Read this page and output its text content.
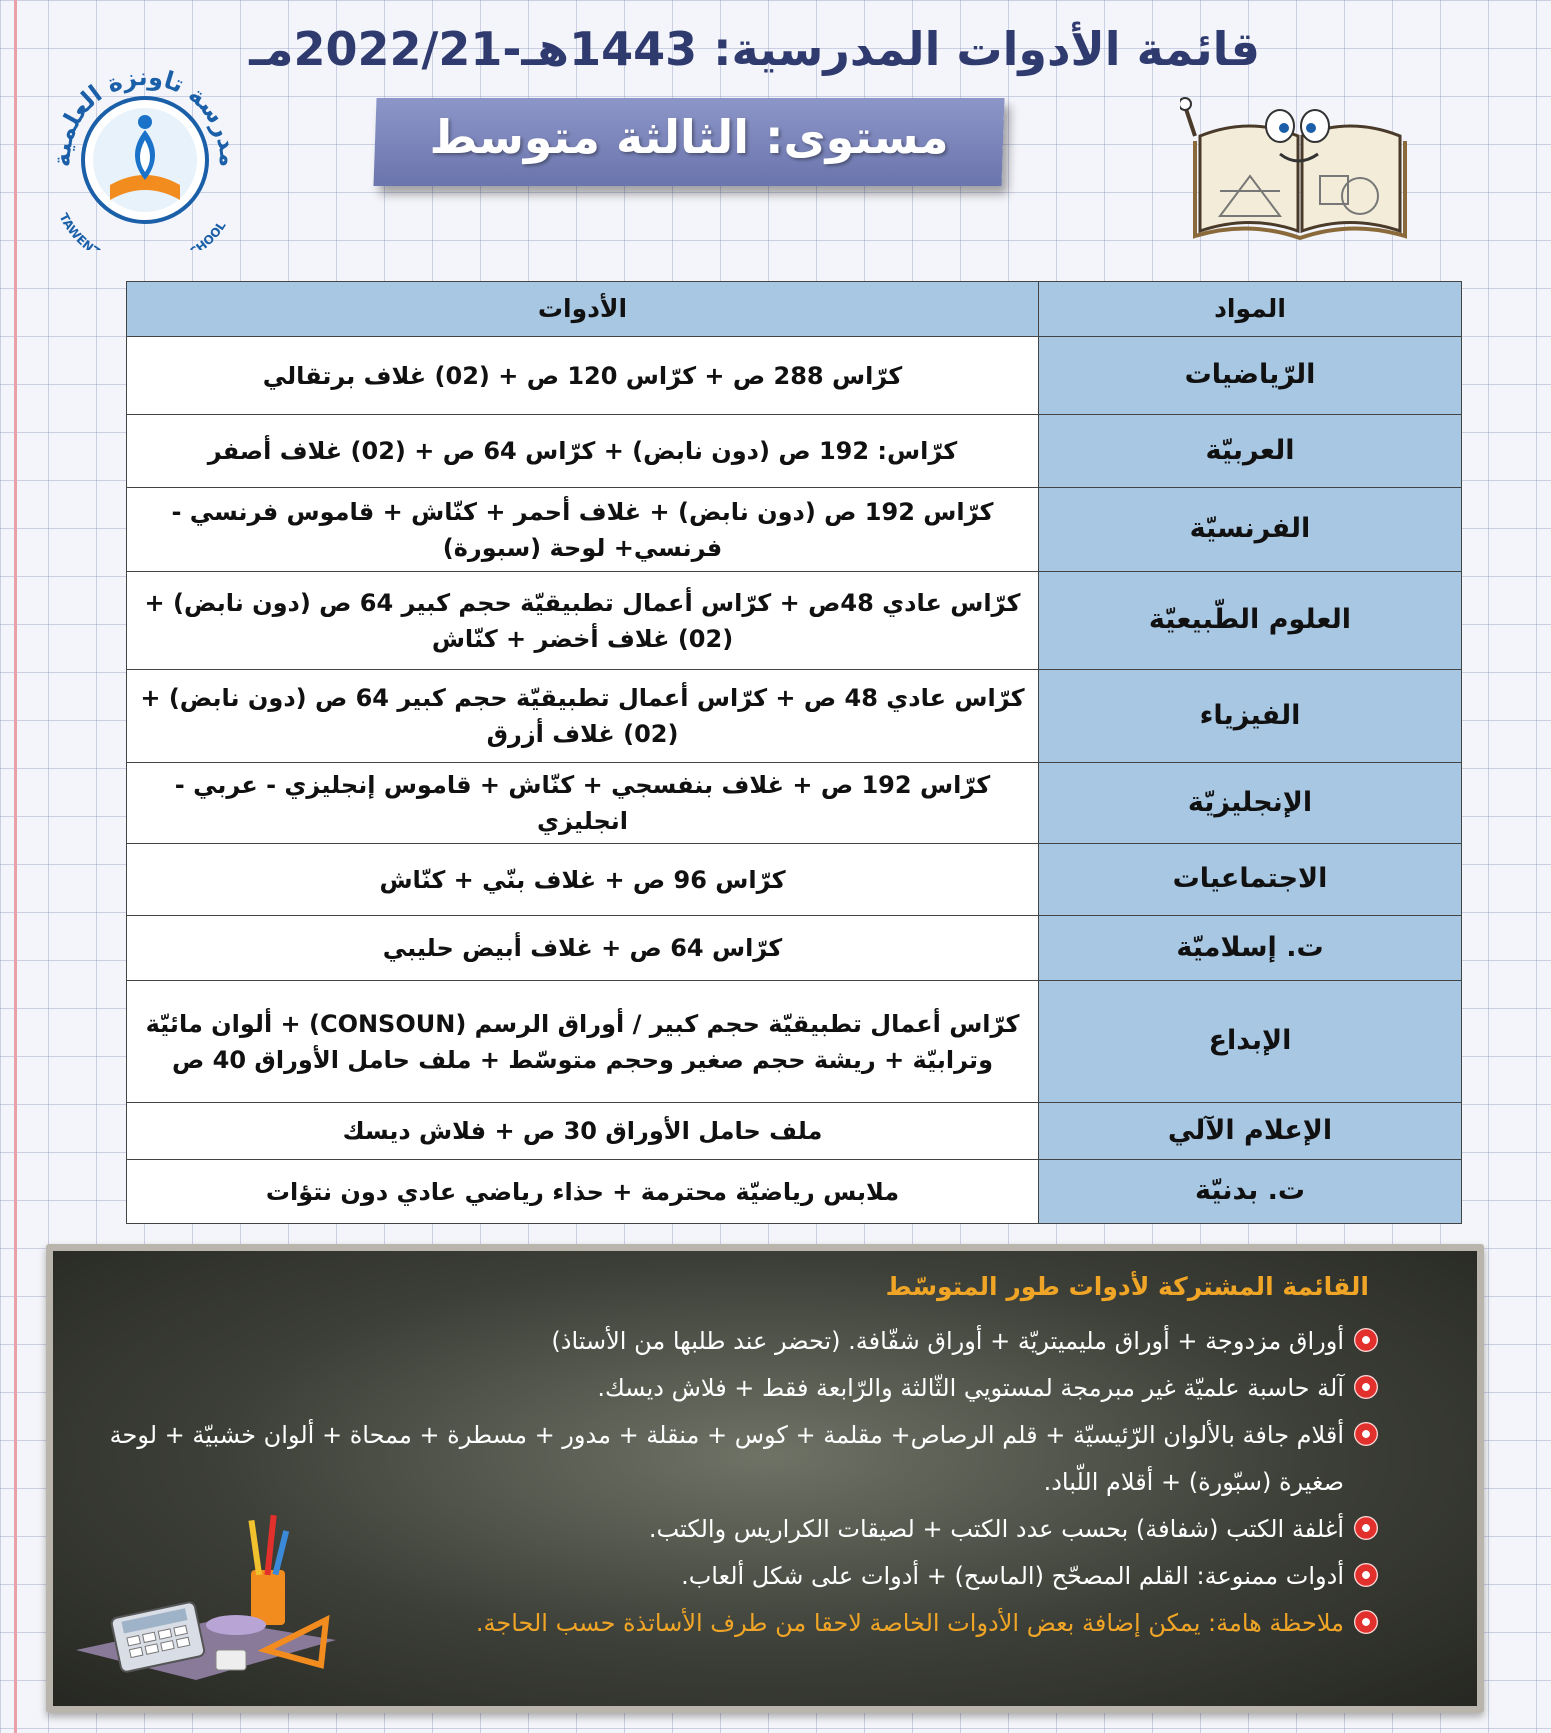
مدرسة تاونزة العلمية
TAWEN HOOL
قائمة الأدوات المدرسية: 1443هـ-2022/21مـ
مستوى: الثالثة متوسط
المواد	الأدوات
الرّياضيات	كرّاس 288 ص + كرّاس 120 ص + (02) غلاف برتقالي
العربيّة	كرّاس: 192 ص (دون نابض) + كرّاس 64 ص + (02) غلاف أصفر
الفرنسيّة	كرّاس 192 ص (دون نابض) + غلاف أحمر + كنّاش + قاموس فرنسي - فرنسي+ لوحة (سبورة)
العلوم الطّبيعيّة	كرّاس عادي 48ص + كرّاس أعمال تطبيقيّة حجم كبير 64 ص (دون نابض) + (02) غلاف أخضر + كنّاش
الفيزياء	كرّاس عادي 48 ص + كرّاس أعمال تطبيقيّة حجم كبير 64 ص (دون نابض) + (02) غلاف أزرق
الإنجليزيّة	كرّاس 192 ص + غلاف بنفسجي + كنّاش + قاموس إنجليزي - عربي - انجليزي
الاجتماعيات	كرّاس 96 ص + غلاف بنّي + كنّاش
ت. إسلاميّة	كرّاس 64 ص + غلاف أبيض حليبي
الإبداع	كرّاس أعمال تطبيقيّة حجم كبير / أوراق الرسم (CONSOUN) + ألوان مائيّة وترابيّة + ريشة حجم صغير وحجم متوسّط + ملف حامل الأوراق 40 ص
الإعلام الآلي	ملف حامل الأوراق 30 ص + فلاش ديسك
ت. بدنيّة	ملابس رياضيّة محترمة + حذاء رياضي عادي دون نتؤات
القائمة المشتركة لأدوات طور المتوسّط
أوراق مزدوجة + أوراق مليميتريّة + أوراق شفّافة. (تحضر عند طلبها من الأستاذ)
آلة حاسبة علميّة غير مبرمجة لمستويي الثّالثة والرّابعة فقط + فلاش ديسك.
أقلام جافة بالألوان الرّئيسيّة + قلم الرصاص+ مقلمة + كوس + منقلة + مدور + مسطرة + ممحاة + ألوان خشبيّة + لوحة صغيرة (سبّورة) + أقلام اللّباد.
أغلفة الكتب (شفافة) بحسب عدد الكتب + لصيقات الكراريس والكتب.
أدوات ممنوعة: القلم المصحّح (الماسح) + أدوات على شكل ألعاب.
ملاحظة هامة: يمكن إضافة بعض الأدوات الخاصة لاحقا من طرف الأساتذة حسب الحاجة.
